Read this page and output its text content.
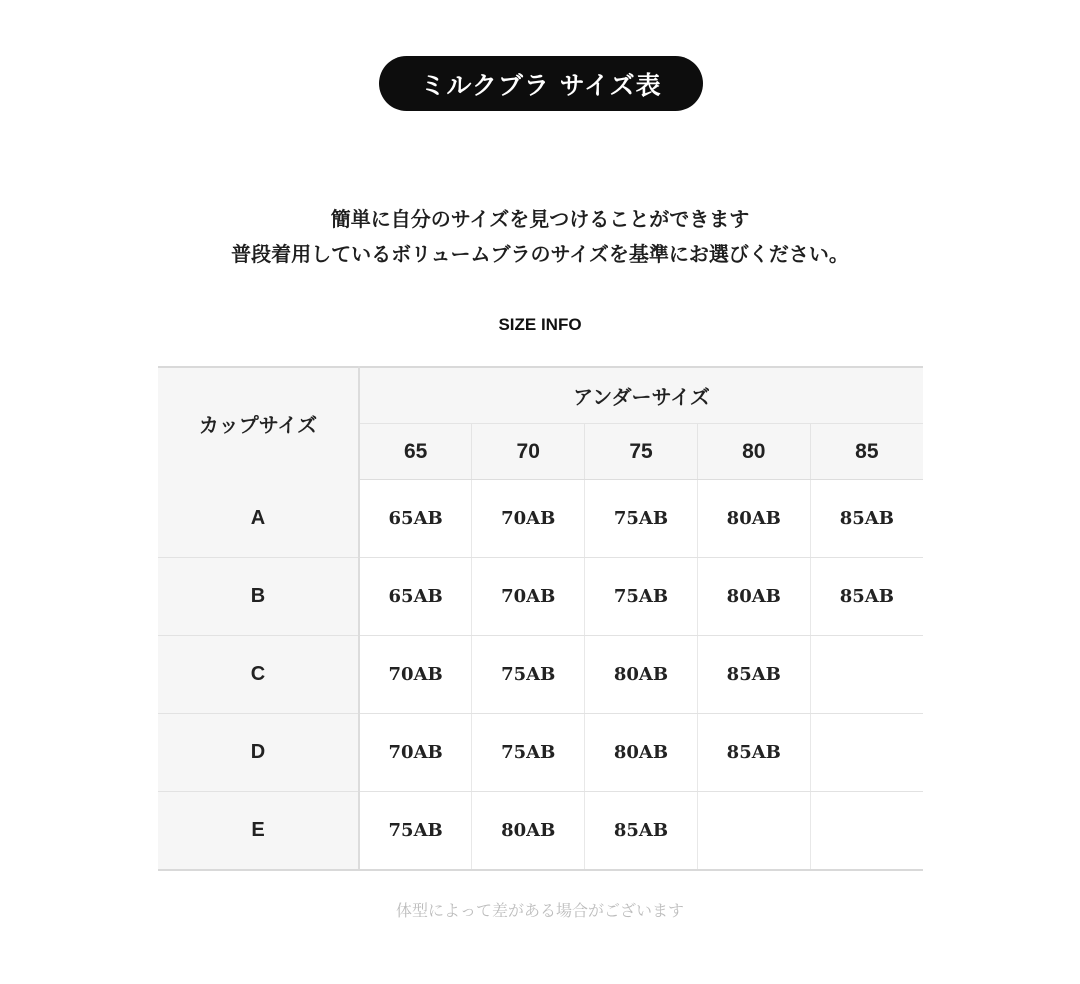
ミルクブラ サイズ表
簡単に自分のサイズを見つけることができます
普段着用しているボリュームブラのサイズを基準にお選びください。
SIZE INFO
カップサイズ	アンダーサイズ				
	65	70	75	80	85
A	65AB	70AB	75AB	80AB	85AB
B	65AB	70AB	75AB	80AB	85AB
C	70AB	75AB	80AB	85AB	
D	70AB	75AB	80AB	85AB	
E	75AB	80AB	85AB		
体型によって差がある場合がございます
